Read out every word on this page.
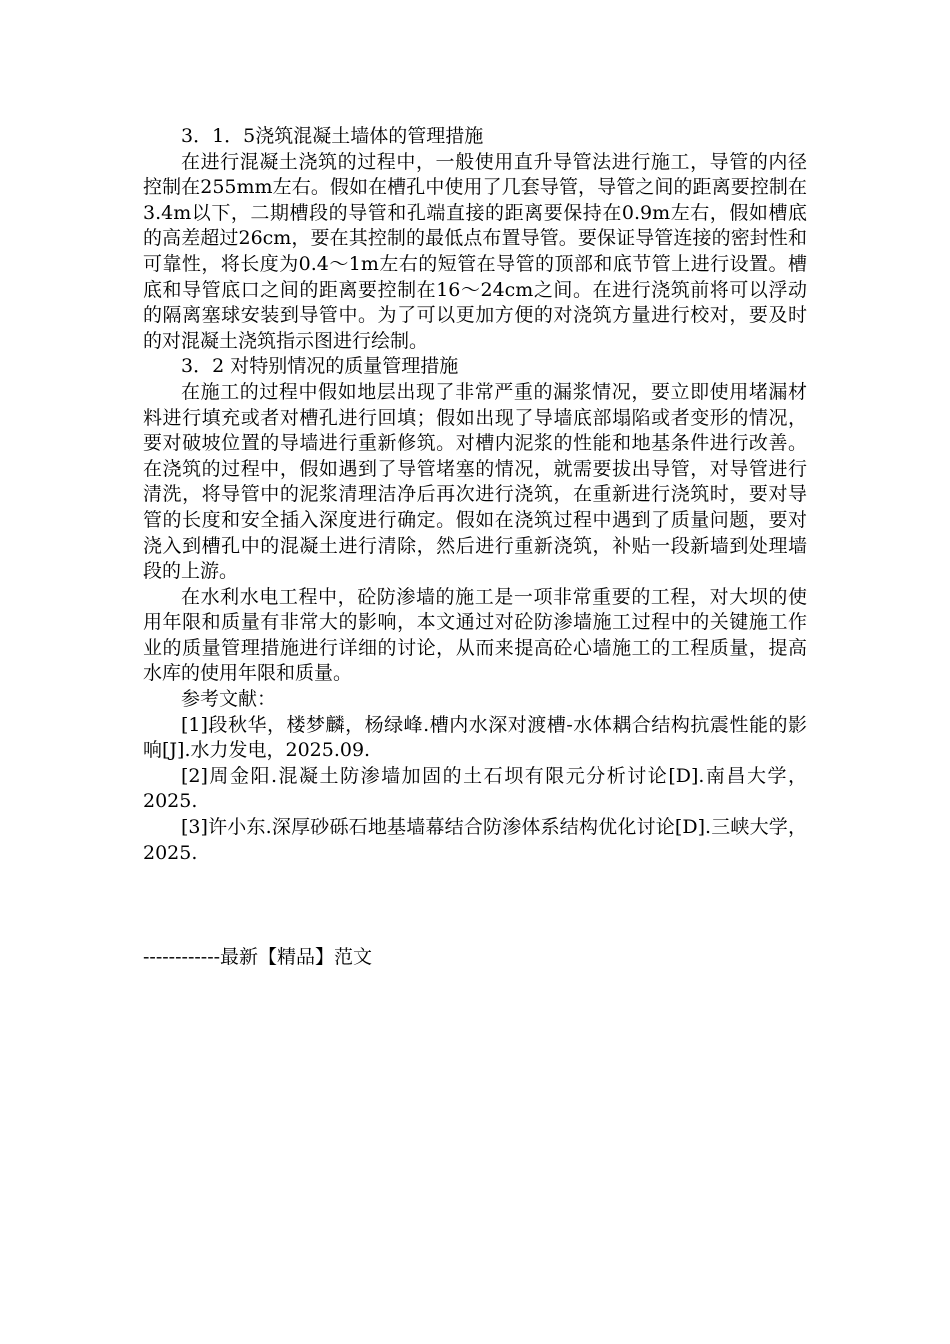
3．1．5浇筑混凝土墙体的管理措施

在进行混凝土浇筑的过程中，一般使用直升导管法进行施工，导管的内径控制在255mm左右。假如在槽孔中使用了几套导管，导管之间的距离要控制在3.4m以下，二期槽段的导管和孔端直接的距离要保持在0.9m左右，假如槽底的高差超过26cm，要在其控制的最低点布置导管。要保证导管连接的密封性和可靠性，将长度为0.4～1m左右的短管在导管的顶部和底节管上进行设置。槽底和导管底口之间的距离要控制在16～24cm之间。在进行浇筑前将可以浮动的隔离塞球安装到导管中。为了可以更加方便的对浇筑方量进行校对，要及时的对混凝土浇筑指示图进行绘制。

3．2 对特别情况的质量管理措施

在施工的过程中假如地层出现了非常严重的漏浆情况，要立即使用堵漏材料进行填充或者对槽孔进行回填；假如出现了导墙底部塌陷或者变形的情况，要对破坡位置的导墙进行重新修筑。对槽内泥浆的性能和地基条件进行改善。在浇筑的过程中，假如遇到了导管堵塞的情况，就需要拔出导管，对导管进行清洗，将导管中的泥浆清理洁净后再次进行浇筑，在重新进行浇筑时，要对导管的长度和安全插入深度进行确定。假如在浇筑过程中遇到了质量问题，要对浇入到槽孔中的混凝土进行清除，然后进行重新浇筑，补贴一段新墙到处理墙段的上游。

在水利水电工程中，砼防渗墙的施工是一项非常重要的工程，对大坝的使用年限和质量有非常大的影响，本文通过对砼防渗墙施工过程中的关键施工作业的质量管理措施进行详细的讨论，从而来提高砼心墙施工的工程质量，提高水库的使用年限和质量。

参考文献：

[1]段秋华，楼梦麟，杨绿峰.槽内水深对渡槽-水体耦合结构抗震性能的影响[J].水力发电，2025.09.

[2]周金阳.混凝土防渗墙加固的土石坝有限元分析讨论[D].南昌大学，2025.

[3]许小东.深厚砂砾石地基墙幕结合防渗体系结构优化讨论[D].三峡大学，2025.

------------最新【精品】范文
